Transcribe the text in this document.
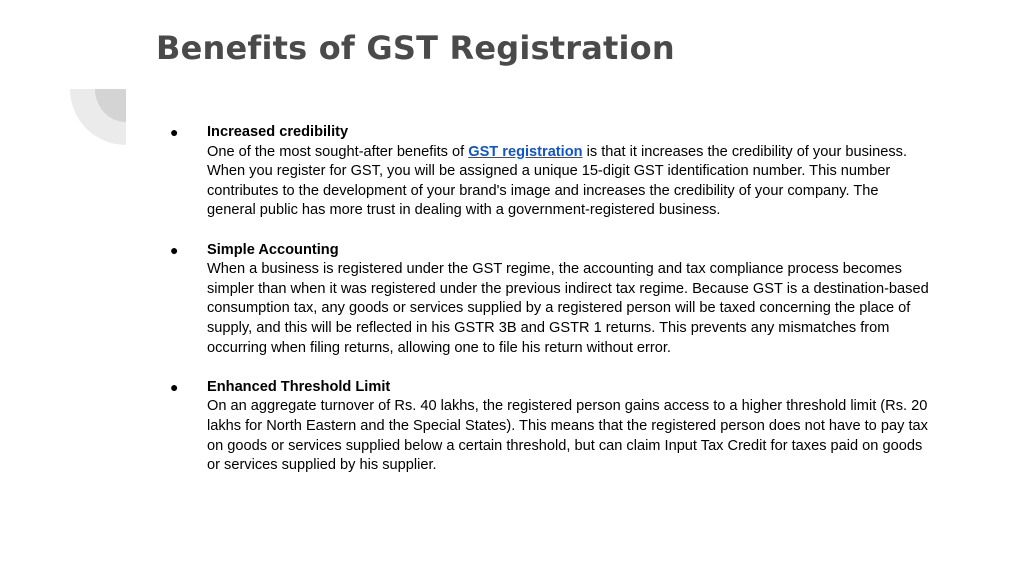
Benefits of GST Registration
● Increased credibility
One of the most sought-after benefits of GST registration is that it increases the credibility of your business. When you register for GST, you will be assigned a unique 15-digit GST identification number. This number contributes to the development of your brand's image and increases the credibility of your company. The general public has more trust in dealing with a government-registered business.
● Simple Accounting
When a business is registered under the GST regime, the accounting and tax compliance process becomes simpler than when it was registered under the previous indirect tax regime. Because GST is a destination-based consumption tax, any goods or services supplied by a registered person will be taxed concerning the place of supply, and this will be reflected in his GSTR 3B and GSTR 1 returns. This prevents any mismatches from occurring when filing returns, allowing one to file his return without error.
● Enhanced Threshold Limit
On an aggregate turnover of Rs. 40 lakhs, the registered person gains access to a higher threshold limit (Rs. 20 lakhs for North Eastern and the Special States). This means that the registered person does not have to pay tax on goods or services supplied below a certain threshold, but can claim Input Tax Credit for taxes paid on goods or services supplied by his supplier.
